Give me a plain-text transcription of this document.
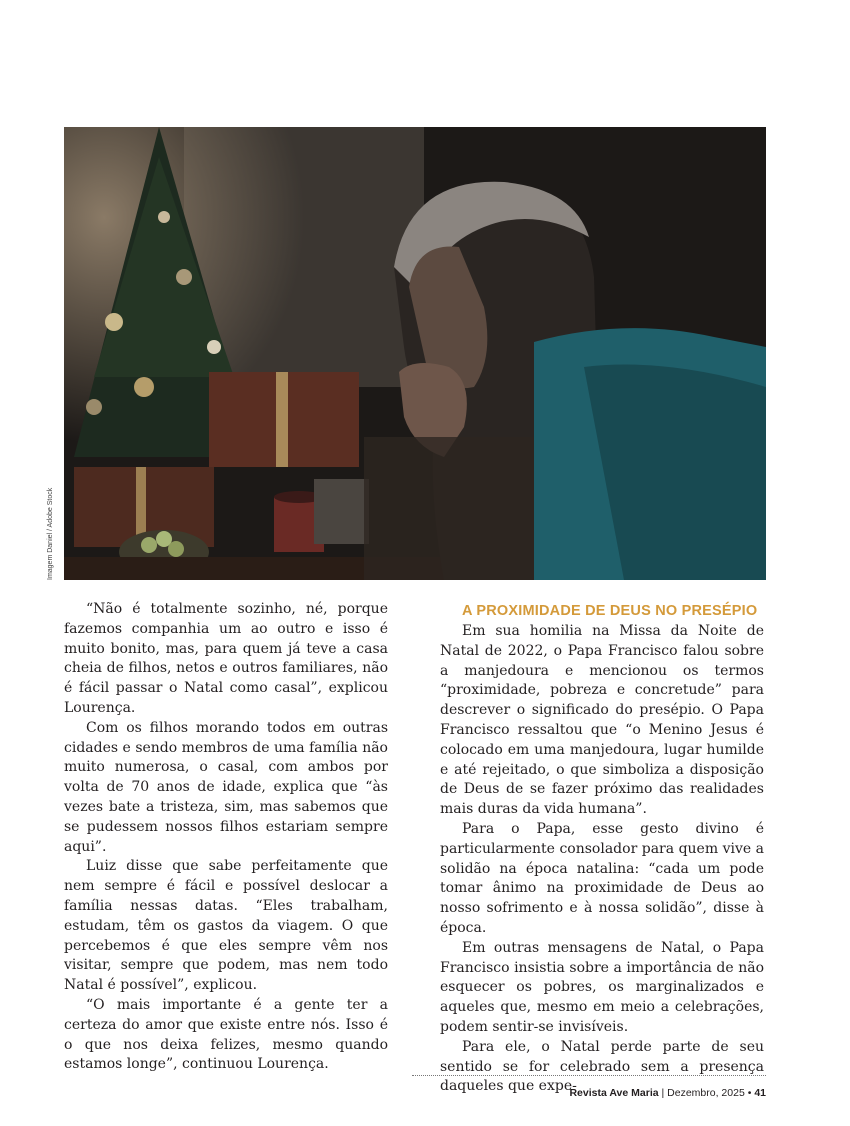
Imagem Daniel / Adobe Stock

“Não é totalmente sozinho, né, porque fazemos companhia um ao outro e isso é muito bonito, mas, para quem já teve a casa cheia de filhos, netos e outros familiares, não é fácil passar o Natal como casal”, explicou Lourença.

Com os filhos morando todos em outras cidades e sendo membros de uma família não muito numerosa, o casal, com ambos por volta de 70 anos de idade, explica que “às vezes bate a tristeza, sim, mas sabemos que se pudessem nossos filhos estariam sempre aqui”.

Luiz disse que sabe perfeitamente que nem sempre é fácil e possível deslocar a família nessas datas. “Eles trabalham, estudam, têm os gastos da viagem. O que percebemos é que eles sempre vêm nos visitar, sempre que podem, mas nem todo Natal é possível”, explicou.

“O mais importante é a gente ter a certeza do amor que existe entre nós. Isso é o que nos deixa felizes, mesmo quando estamos longe”, continuou Lourença.

A PROXIMIDADE DE DEUS NO PRESÉPIO

Em sua homilia na Missa da Noite de Natal de 2022, o Papa Francisco falou sobre a manjedoura e mencionou os termos “proximidade, pobreza e concretude” para descrever o significado do presépio. O Papa Francisco ressaltou que “o Menino Jesus é colocado em uma manjedoura, lugar humilde e até rejeitado, o que simboliza a disposição de Deus de se fazer próximo das realidades mais duras da vida humana”.

Para o Papa, esse gesto divino é particularmente consolador para quem vive a solidão na época natalina: “cada um pode tomar ânimo na proximidade de Deus ao nosso sofrimento e à nossa solidão”, disse à época.

Em outras mensagens de Natal, o Papa Francisco insistia sobre a importância de não esquecer os pobres, os marginalizados e aqueles que, mesmo em meio a celebrações, podem sentir-se invisíveis.

Para ele, o Natal perde parte de seu sentido se for celebrado sem a presença daqueles que expe-

Revista Ave Maria | Dezembro, 2025 • 41
